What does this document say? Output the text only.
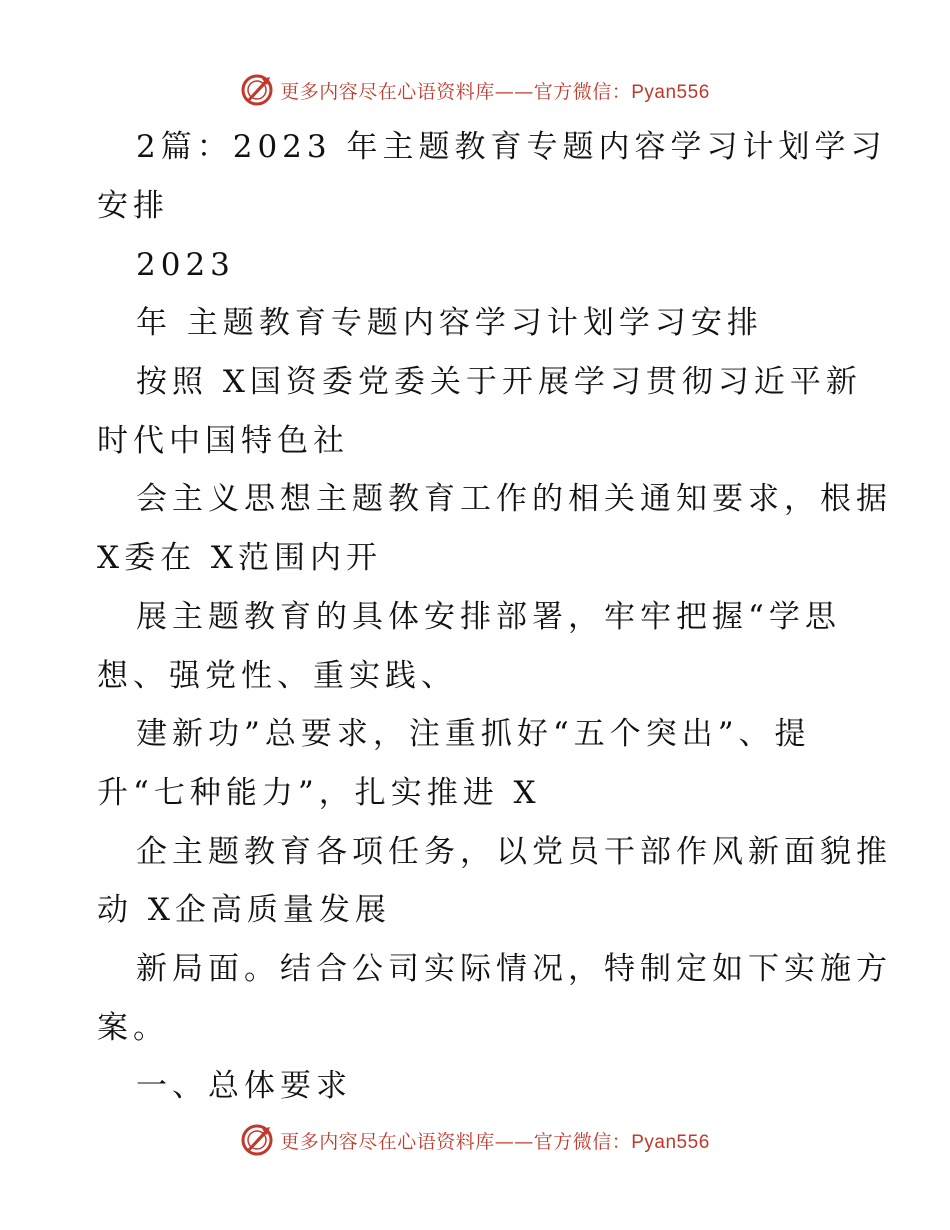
更多内容尽在心语资料库——官方微信：Pyan556
2篇：2023 年主题教育专题内容学习计划学习
安排
2023
年 主题教育专题内容学习计划学习安排
按照 X国资委党委关于开展学习贯彻习近平新
时代中国特色社
会主义思想主题教育工作的相关通知要求，根据
X委在 X范围内开
展主题教育的具体安排部署，牢牢把握“学思
想、强党性、重实践、
建新功”总要求，注重抓好“五个突出”、提
升“七种能力”，扎实推进 X
企主题教育各项任务，以党员干部作风新面貌推
动 X企高质量发展
新局面。结合公司实际情况，特制定如下实施方
案。
一、总体要求
更多内容尽在心语资料库——官方微信：Pyan556
